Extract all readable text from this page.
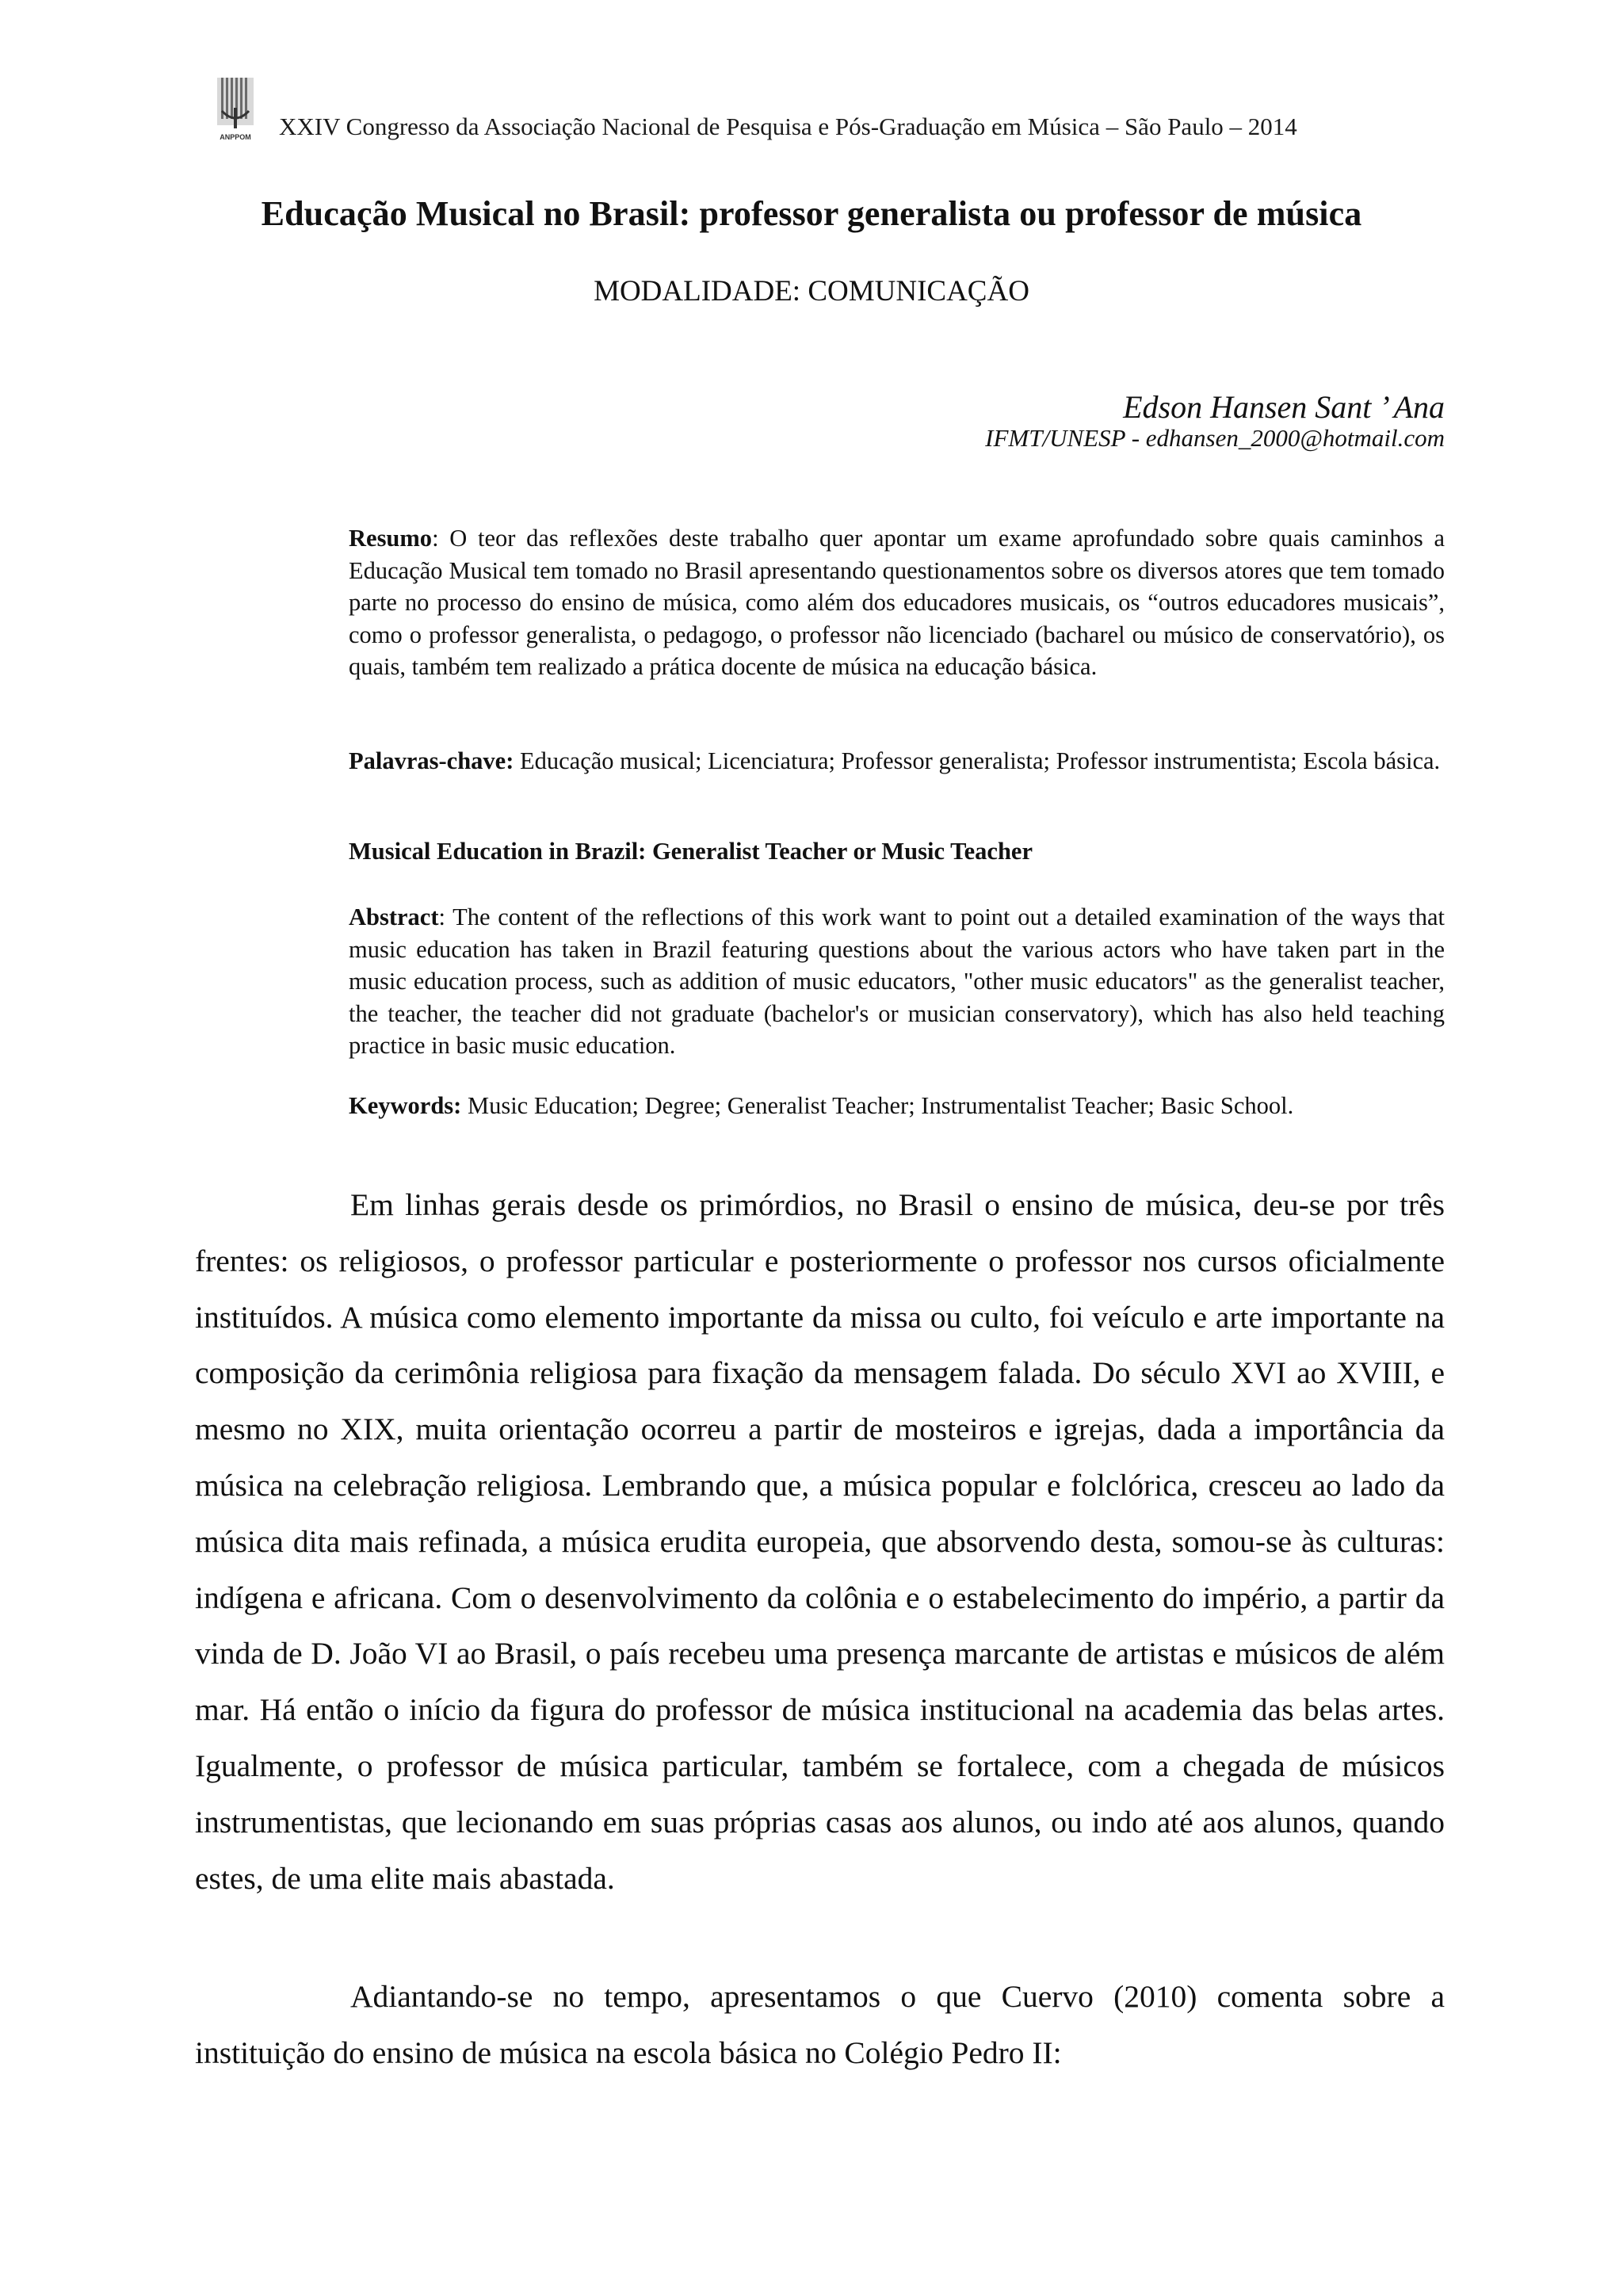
ANPPOM XXIV Congresso da Associação Nacional de Pesquisa e Pós-Graduação em Música – São Paulo – 2014
Educação Musical no Brasil: professor generalista ou professor de música
MODALIDADE: COMUNICAÇÃO
Edson Hansen Sant ’ Ana
IFMT/UNESP - edhansen_2000@hotmail.com
Resumo: O teor das reflexões deste trabalho quer apontar um exame aprofundado sobre quais caminhos a Educação Musical tem tomado no Brasil apresentando questionamentos sobre os diversos atores que tem tomado parte no processo do ensino de música, como além dos educadores musicais, os “outros educadores musicais”, como o professor generalista, o pedagogo, o professor não licenciado (bacharel ou músico de conservatório), os quais, também tem realizado a prática docente de música na educação básica.
Palavras-chave: Educação musical; Licenciatura; Professor generalista; Professor instrumentista; Escola básica.
Musical Education in Brazil: Generalist Teacher or Music Teacher
Abstract: The content of the reflections of this work want to point out a detailed examination of the ways that music education has taken in Brazil featuring questions about the various actors who have taken part in the music education process, such as addition of music educators, "other music educators" as the generalist teacher, the teacher, the teacher did not graduate (bachelor's or musician conservatory), which has also held teaching practice in basic music education.
Keywords: Music Education; Degree; Generalist Teacher; Instrumentalist Teacher; Basic School.

Em linhas gerais desde os primórdios, no Brasil o ensino de música, deu-se por três frentes: os religiosos, o professor particular e posteriormente o professor nos cursos oficialmente instituídos. A música como elemento importante da missa ou culto, foi veículo e arte importante na composição da cerimônia religiosa para fixação da mensagem falada. Do século XVI ao XVIII, e mesmo no XIX, muita orientação ocorreu a partir de mosteiros e igrejas, dada a importância da música na celebração religiosa. Lembrando que, a música popular e folclórica, cresceu ao lado da música dita mais refinada, a música erudita europeia, que absorvendo desta, somou-se às culturas: indígena e africana. Com o desenvolvimento da colônia e o estabelecimento do império, a partir da vinda de D. João VI ao Brasil, o país recebeu uma presença marcante de artistas e músicos de além mar. Há então o início da figura do professor de música institucional na academia das belas artes. Igualmente, o professor de música particular, também se fortalece, com a chegada de músicos instrumentistas, que lecionando em suas próprias casas aos alunos, ou indo até aos alunos, quando estes, de uma elite mais abastada.

Adiantando-se no tempo, apresentamos o que Cuervo (2010) comenta sobre a instituição do ensino de música na escola básica no Colégio Pedro II:
